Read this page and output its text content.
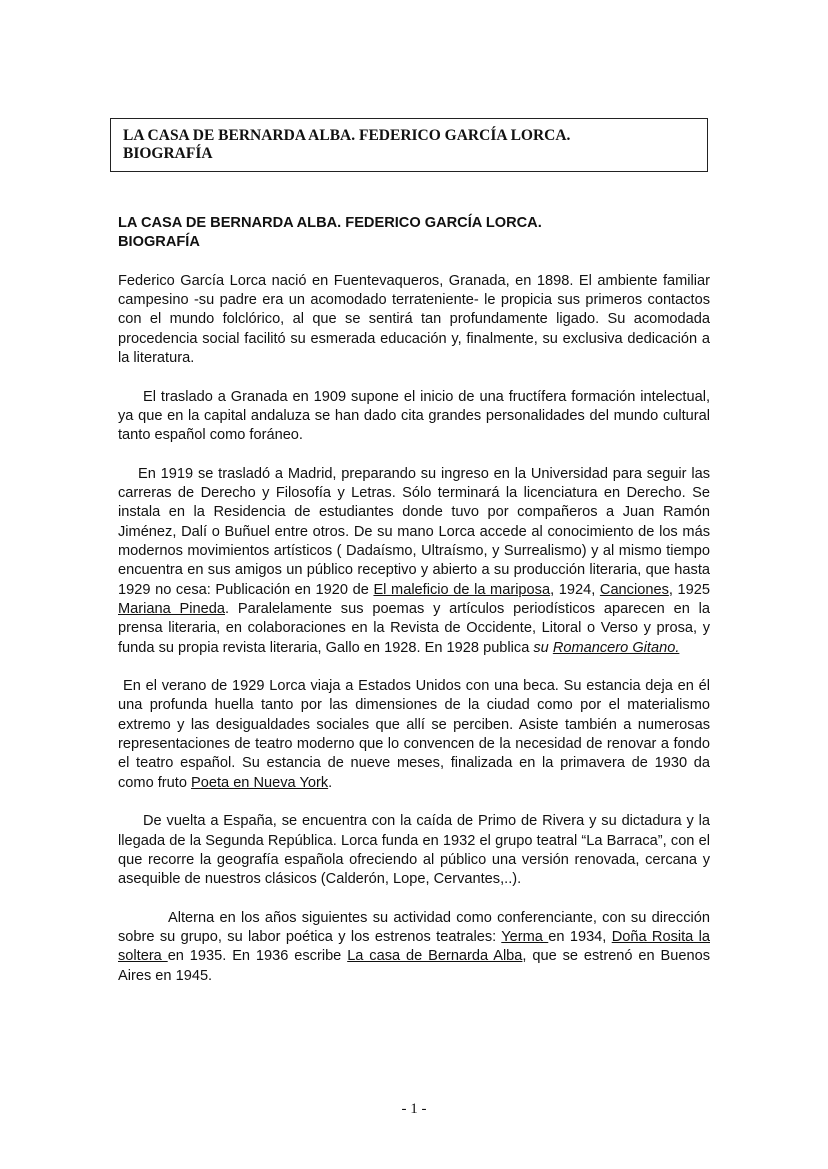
LA CASA DE BERNARDA ALBA. FEDERICO GARCÍA LORCA.
BIOGRAFÍA
LA CASA DE BERNARDA ALBA. FEDERICO GARCÍA LORCA.
BIOGRAFÍA

Federico García Lorca nació en Fuentevaqueros, Granada, en 1898. El ambiente familiar campesino -su padre era un acomodado terrateniente- le propicia sus primeros contactos con el mundo folclórico, al que se sentirá tan profundamente ligado. Su acomodada procedencia social facilitó su esmerada educación y, finalmente, su exclusiva dedicación a la literatura.

El traslado a Granada en 1909 supone el inicio de una fructífera formación intelectual, ya que en la capital andaluza se han dado cita grandes personalidades del mundo cultural tanto español como foráneo.

En 1919 se trasladó a Madrid, preparando su ingreso en la Universidad para seguir las carreras de Derecho y Filosofía y Letras. Sólo terminará la licenciatura en Derecho. Se instala en la Residencia de estudiantes donde tuvo por compañeros a Juan Ramón Jiménez, Dalí o Buñuel entre otros. De su mano Lorca accede al conocimiento de los más modernos movimientos artísticos ( Dadaísmo, Ultraísmo, y Surrealismo) y al mismo tiempo encuentra en sus amigos un público receptivo y abierto a su producción literaria, que hasta 1929 no cesa: Publicación en 1920 de El maleficio de la mariposa, 1924, Canciones, 1925 Mariana Pineda. Paralelamente sus poemas y artículos periodísticos aparecen en la prensa literaria, en colaboraciones en la Revista de Occidente, Litoral o Verso y prosa, y funda su propia revista literaria, Gallo en 1928. En 1928 publica su Romancero Gitano.

En el verano de 1929 Lorca viaja a Estados Unidos con una beca. Su estancia deja en él una profunda huella tanto por las dimensiones de la ciudad como por el materialismo extremo y las desigualdades sociales que allí se perciben. Asiste también a numerosas representaciones de teatro moderno que lo convencen de la necesidad de renovar a fondo el teatro español. Su estancia de nueve meses, finalizada en la primavera de 1930 da como fruto Poeta en Nueva York.

De vuelta a España, se encuentra con la caída de Primo de Rivera y su dictadura y la llegada de la Segunda República. Lorca funda en 1932 el grupo teatral “La Barraca”, con el que recorre la geografía española ofreciendo al público una versión renovada, cercana y asequible de nuestros clásicos (Calderón, Lope, Cervantes,..).

Alterna en los años siguientes su actividad como conferenciante, con su dirección sobre su grupo, su labor poética y los estrenos teatrales: Yerma en 1934, Doña Rosita la soltera en 1935. En 1936 escribe La casa de Bernarda Alba, que se estrenó en Buenos Aires en 1945.

- 1 -
